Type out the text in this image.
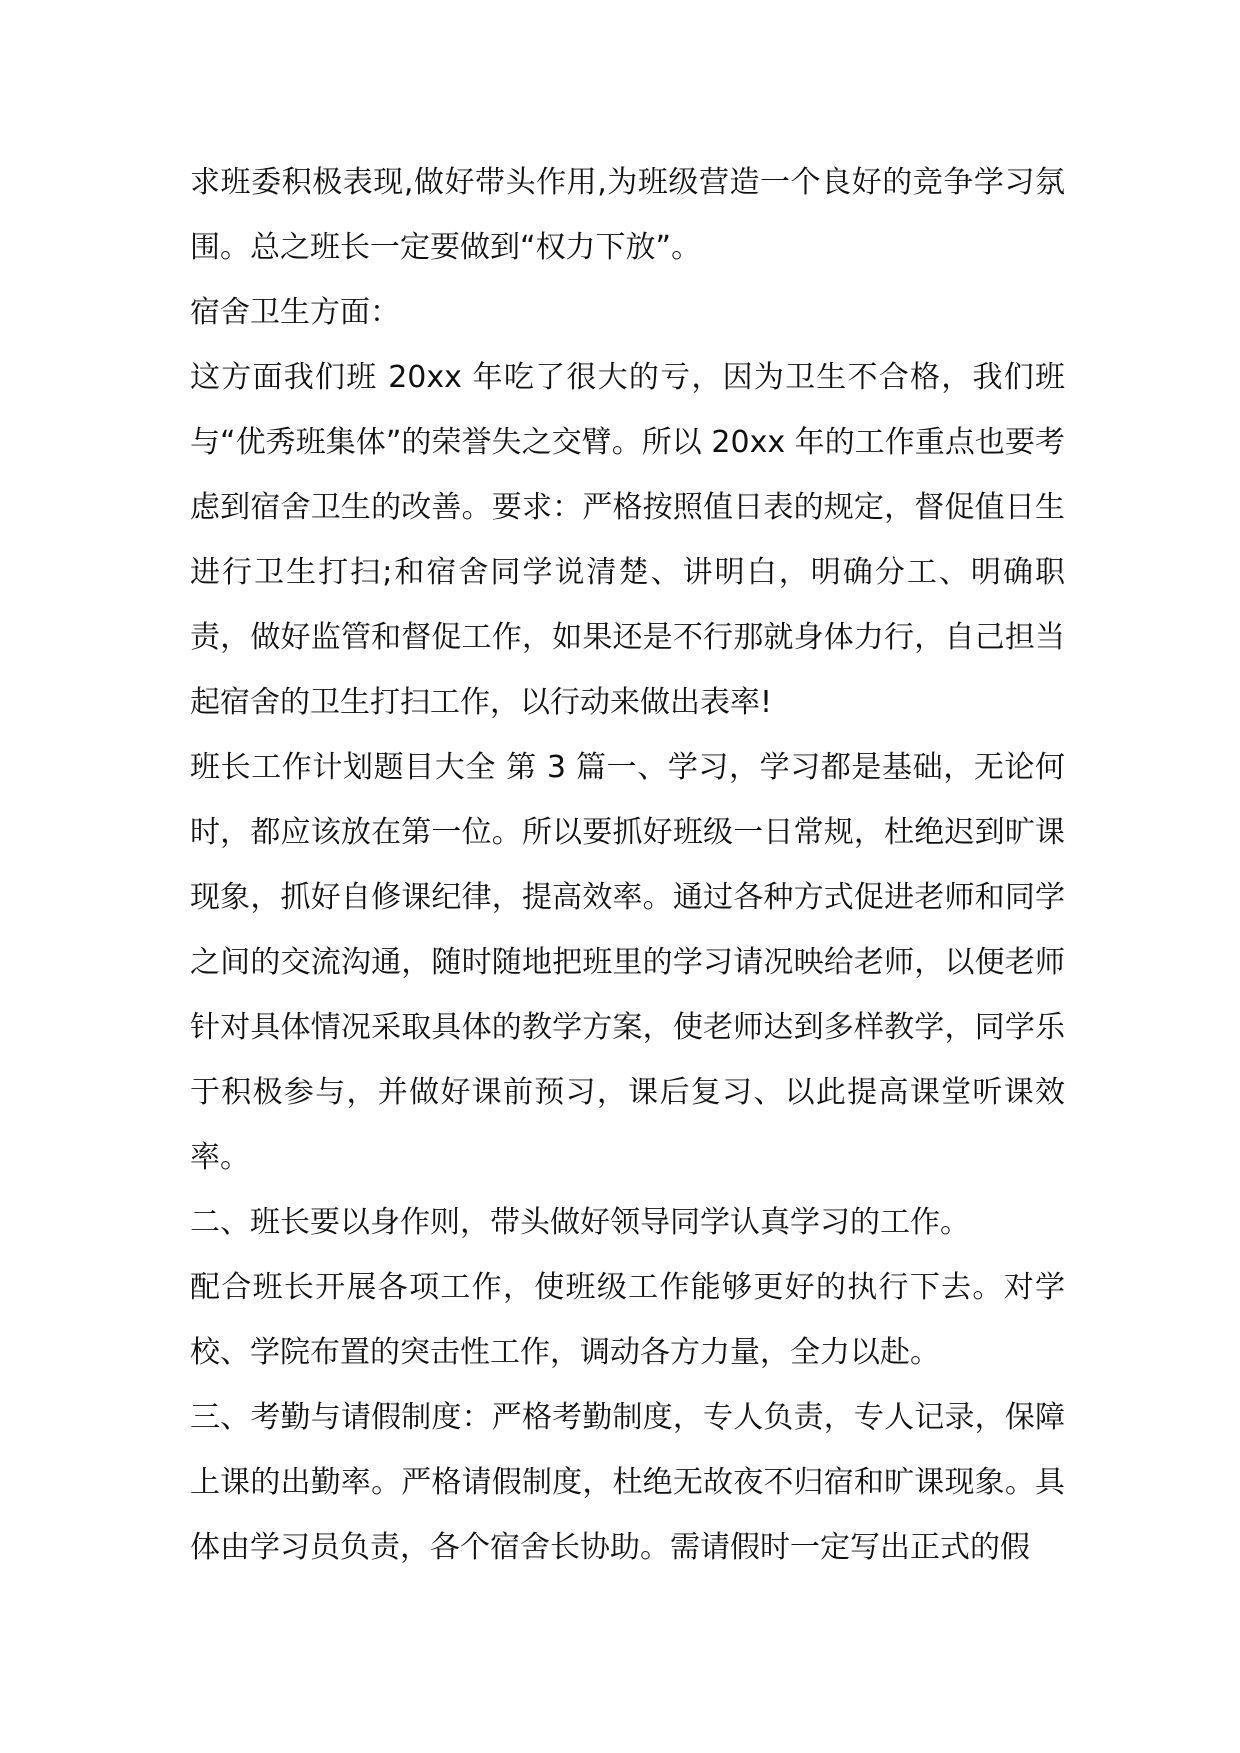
求班委积极表现,做好带头作用,为班级营造一个良好的竞争学习氛围。总之班长一定要做到“权力下放”。

宿舍卫生方面：

这方面我们班 20xx 年吃了很大的亏，因为卫生不合格，我们班与“优秀班集体”的荣誉失之交臂。所以 20xx 年的工作重点也要考虑到宿舍卫生的改善。要求：严格按照值日表的规定，督促值日生进行卫生打扫;和宿舍同学说清楚、讲明白，明确分工、明确职责，做好监管和督促工作，如果还是不行那就身体力行，自己担当起宿舍的卫生打扫工作，以行动来做出表率!

班长工作计划题目大全 第 3 篇一、学习，学习都是基础，无论何时，都应该放在第一位。所以要抓好班级一日常规，杜绝迟到旷课现象，抓好自修课纪律，提高效率。通过各种方式促进老师和同学之间的交流沟通，随时随地把班里的学习请况映给老师，以便老师针对具体情况采取具体的教学方案，使老师达到多样教学，同学乐于积极参与，并做好课前预习，课后复习、以此提高课堂听课效率。

二、班长要以身作则，带头做好领导同学认真学习的工作。

配合班长开展各项工作，使班级工作能够更好的执行下去。对学校、学院布置的突击性工作，调动各方力量，全力以赴。

三、考勤与请假制度：严格考勤制度，专人负责，专人记录，保障上课的出勤率。严格请假制度，杜绝无故夜不归宿和旷课现象。具体由学习员负责，各个宿舍长协助。需请假时一定写出正式的假
